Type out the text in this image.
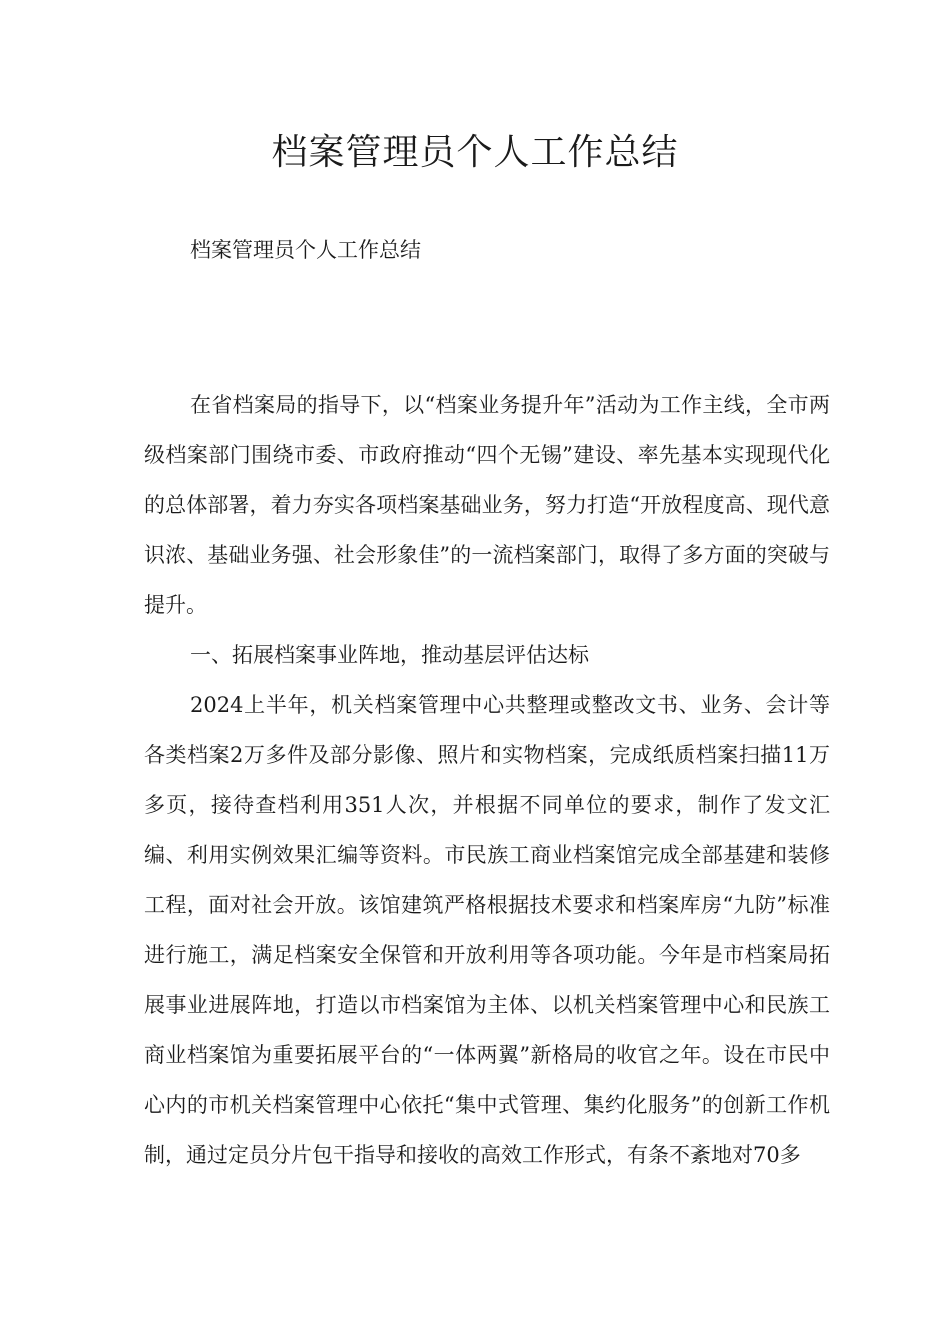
档案管理员个人工作总结

档案管理员个人工作总结

在省档案局的指导下，以“档案业务提升年”活动为工作主线，全市两级档案部门围绕市委、市政府推动“四个无锡”建设、率先基本实现现代化的总体部署，着力夯实各项档案基础业务，努力打造“开放程度高、现代意识浓、基础业务强、社会形象佳”的一流档案部门，取得了多方面的突破与提升。

一、拓展档案事业阵地，推动基层评估达标

2024上半年，机关档案管理中心共整理或整改文书、业务、会计等各类档案2万多件及部分影像、照片和实物档案，完成纸质档案扫描11万多页，接待查档利用351人次，并根据不同单位的要求，制作了发文汇编、利用实例效果汇编等资料。市民族工商业档案馆完成全部基建和装修工程，面对社会开放。该馆建筑严格根据技术要求和档案库房“九防”标准进行施工，满足档案安全保管和开放利用等各项功能。今年是市档案局拓展事业进展阵地，打造以市档案馆为主体、以机关档案管理中心和民族工商业档案馆为重要拓展平台的“一体两翼”新格局的收官之年。设在市民中心内的市机关档案管理中心依托“集中式管理、集约化服务”的创新工作机制，通过定员分片包干指导和接收的高效工作形式，有条不紊地对70多
